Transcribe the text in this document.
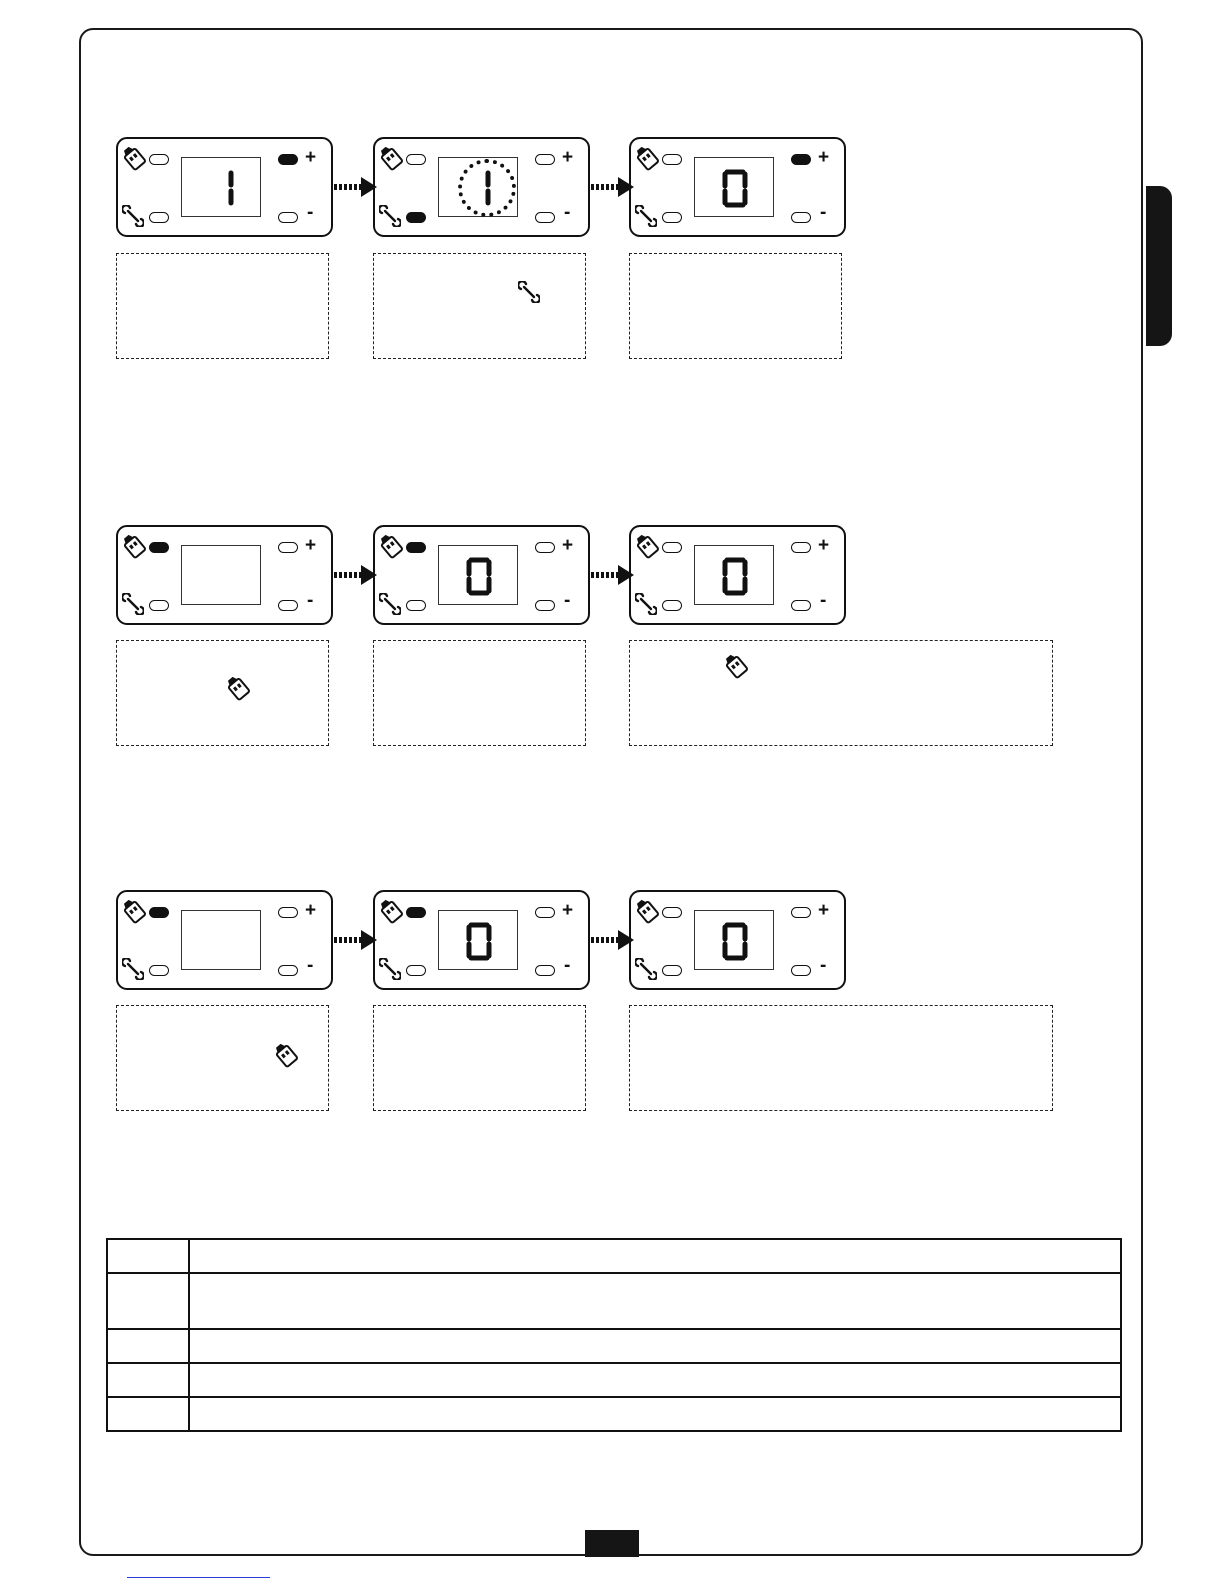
+
-
+
-
+
-
+
-
+
-
+
-
+
-
+
-
+
-
